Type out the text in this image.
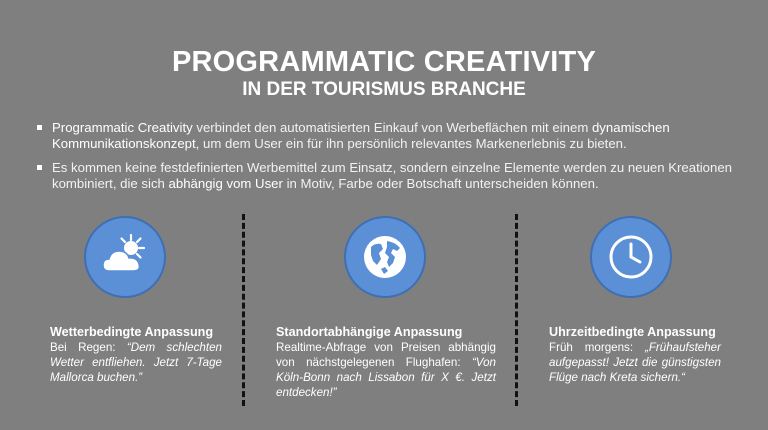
PROGRAMMATIC CREATIVITY
IN DER TOURISMUS BRANCHE
Programmatic Creativity verbindet den automatisierten Einkauf von Werbeflächen mit einem dynamischen Kommunikationskonzept, um dem User ein für ihn persönlich relevantes Markenerlebnis zu bieten.
Es kommen keine festdefinierten Werbemittel zum Einsatz, sondern einzelne Elemente werden zu neuen Kreationen kombiniert, die sich abhängig vom User in Motiv, Farbe oder Botschaft unterscheiden können.
Wetterbedingte Anpassung
Bei Regen: “Dem schlechten Wetter entfliehen. Jetzt 7-Tage Mallorca buchen.”
Standortabhängige Anpassung
Realtime-Abfrage von Preisen abhängig von nächstgelegenen Flughafen: “Von Köln-Bonn nach Lissabon für X €. Jetzt entdecken!”
Uhrzeitbedingte Anpassung
Früh morgens: „Frühaufsteher aufgepasst! Jetzt die günstigsten Flüge nach Kreta sichern.“
